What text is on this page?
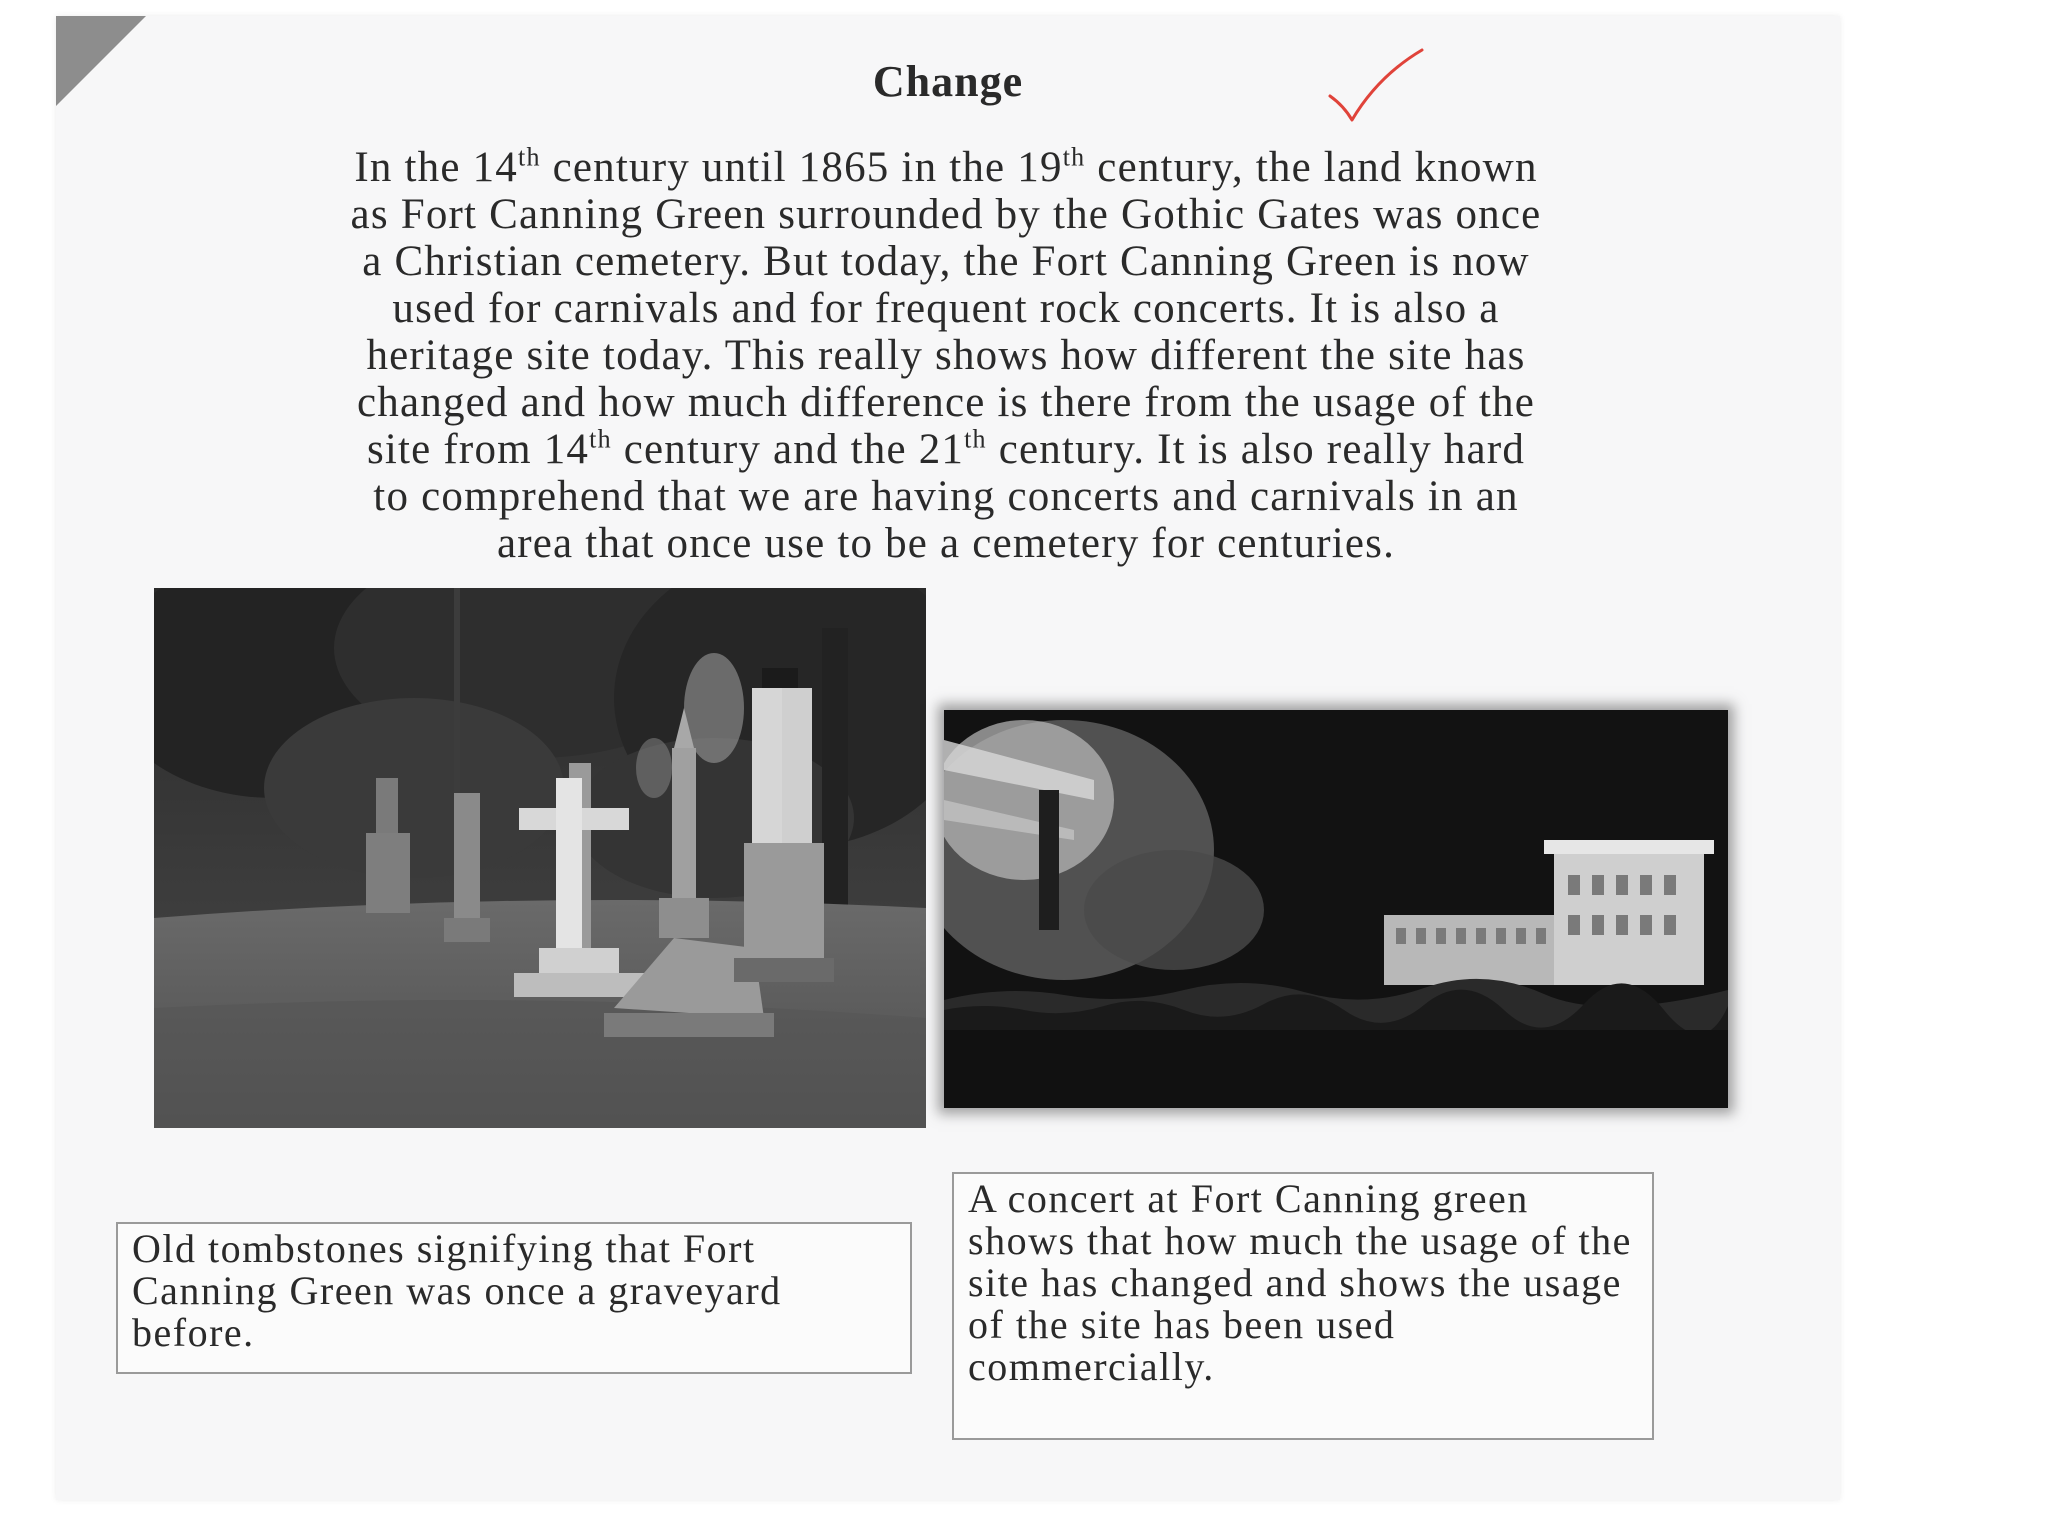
Change

In the 14th century until 1865 in the 19th century, the land known

as Fort Canning Green surrounded by the Gothic Gates was once

a Christian cemetery. But today, the Fort Canning Green is now

used for carnivals and for frequent rock concerts. It is also a

heritage site today. This really shows how different the site has

changed and how much difference is there from the usage of the

site from 14th century and the 21th century. It is also really hard

to comprehend that we are having concerts and carnivals in an

area that once use to be a cemetery for centuries.

Old tombstones signifying that Fort Canning Green was once a graveyard before.
A concert at Fort Canning green shows that how much the usage of the site has changed and shows the usage of the site has been used commercially.
